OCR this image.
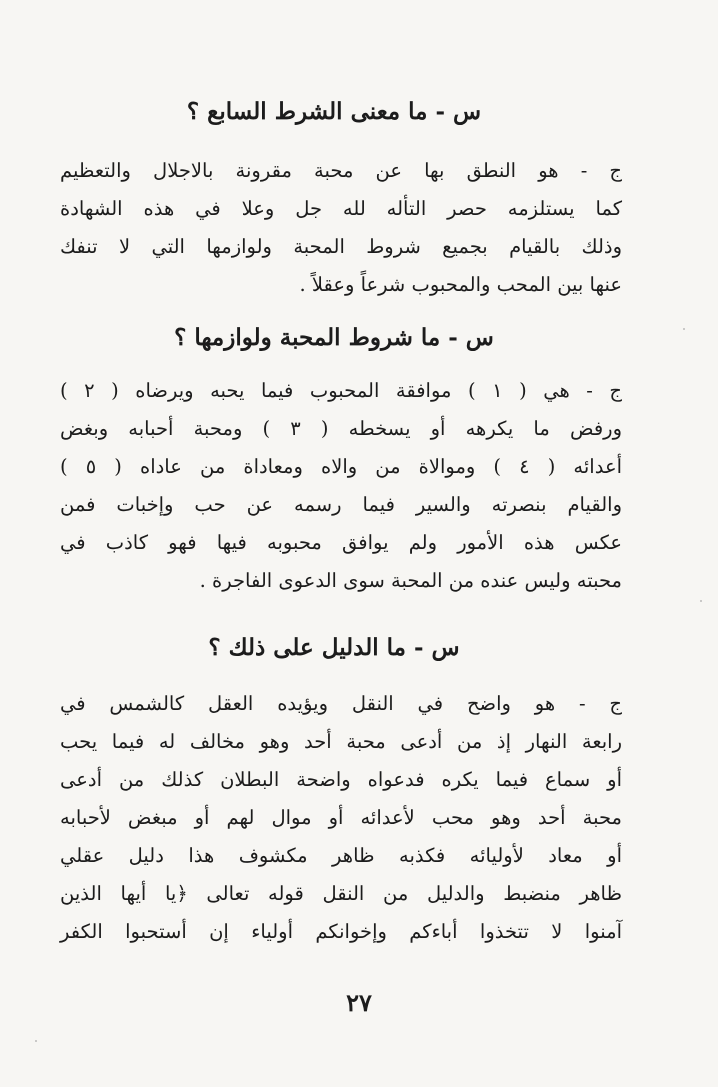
س - ما معنى الشرط السابع ؟
ج - هو النطق بها عن محبة مقرونة بالاجلال والتعظيم
كما يستلزمه حصر التأله لله جل وعلا في هذه الشهادة
وذلك بالقيام بجميع شروط المحبة ولوازمها التي لا تنفك
عنها بين المحب والمحبوب شرعاً وعقلاً .
س - ما شروط المحبة ولوازمها ؟
ج - هي ( ١ ) موافقة المحبوب فيما يحبه ويرضاه ( ٢ )
ورفض ما يكرهه أو يسخطه ( ٣ ) ومحبة أحبابه وبغض
أعدائه ( ٤ ) وموالاة من والاه ومعاداة من عاداه ( ٥ )
والقيام بنصرته والسير فيما رسمه عن حب وإخبات فمن
عكس هذه الأمور ولم يوافق محبوبه فيها فهو كاذب في
محبته وليس عنده من المحبة سوى الدعوى الفاجرة .
س - ما الدليل على ذلك ؟
ج - هو واضح في النقل ويؤيده العقل كالشمس في
رابعة النهار إذ من أدعى محبة أحد وهو مخالف له فيما يحب
أو سماع فيما يكره فدعواه واضحة البطلان كذلك من أدعى
محبة أحد وهو محب لأعدائه أو موال لهم أو مبغض لأحبابه
أو معاد لأوليائه فكذبه ظاهر مكشوف هذا دليل عقلي
ظاهر منضبط والدليل من النقل قوله تعالى ﴿يا أيها الذين
آمنوا لا تتخذوا أباءكم وإخوانكم أولياء إن أستحبوا الكفر
٢٧
